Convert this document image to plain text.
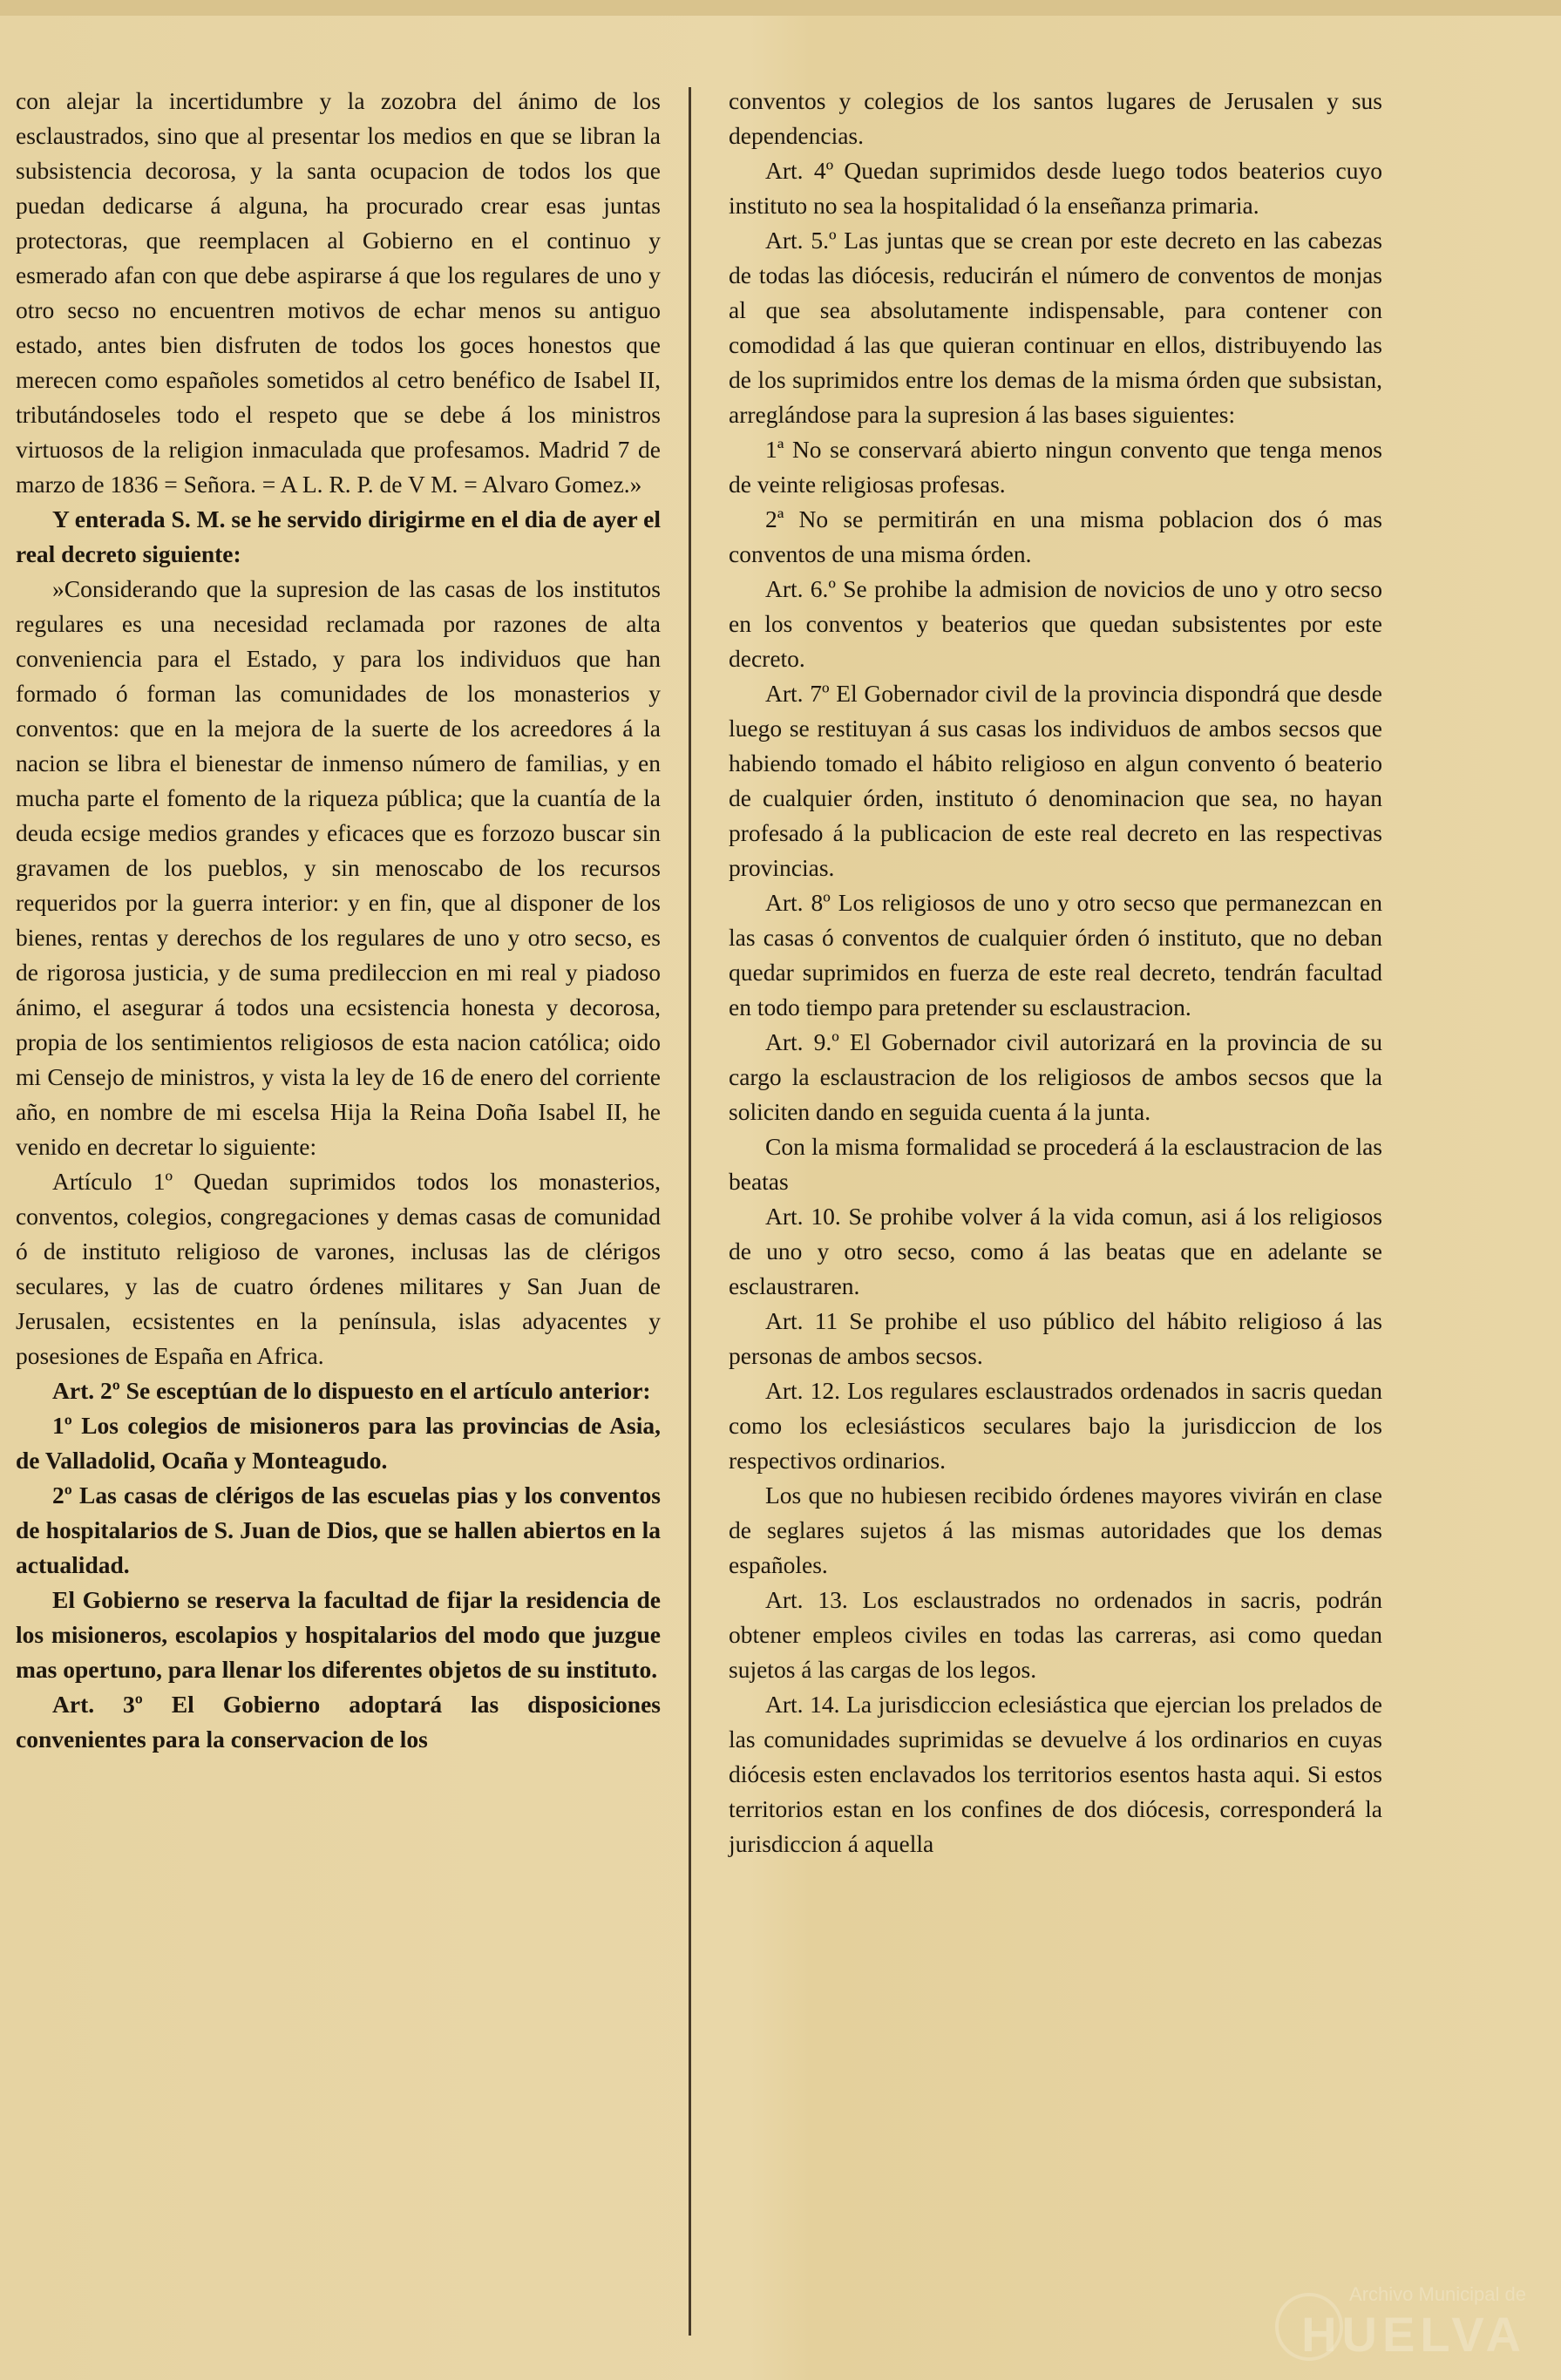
con alejar la incertidumbre y la zozobra del ánimo de los esclaustrados, sino que al presentar los medios en que se libran la subsistencia decorosa, y la santa ocupacion de todos los que puedan dedicarse á alguna, ha procurado crear esas juntas protectoras, que reemplacen al Gobierno en el continuo y esmerado afan con que debe aspirarse á que los regulares de uno y otro secso no encuentren motivos de echar menos su antiguo estado, antes bien disfruten de todos los goces honestos que merecen como españoles sometidos al cetro benéfico de Isabel II, tributándoseles todo el respeto que se debe á los ministros virtuosos de la religion inmaculada que profesamos. Madrid 7 de marzo de 1836 = Señora. = A L. R. P. de V M. = Alvaro Gomez.»

Y enterada S. M. se he servido dirigirme en el dia de ayer el real decreto siguiente:

»Considerando que la supresion de las casas de los institutos regulares es una necesidad reclamada por razones de alta conveniencia para el Estado, y para los individuos que han formado ó forman las comunidades de los monasterios y conventos: que en la mejora de la suerte de los acreedores á la nacion se libra el bienestar de inmenso número de familias, y en mucha parte el fomento de la riqueza pública; que la cuantía de la deuda ecsige medios grandes y eficaces que es forzozo buscar sin gravamen de los pueblos, y sin menoscabo de los recursos requeridos por la guerra interior: y en fin, que al disponer de los bienes, rentas y derechos de los regulares de uno y otro secso, es de rigorosa justicia, y de suma predileccion en mi real y piadoso ánimo, el asegurar á todos una ecsistencia honesta y decorosa, propia de los sentimientos religiosos de esta nacion católica; oido mi Censejo de ministros, y vista la ley de 16 de enero del corriente año, en nombre de mi escelsa Hija la Reina Doña Isabel II, he venido en decretar lo siguiente:

Artículo 1º Quedan suprimidos todos los monasterios, conventos, colegios, congregaciones y demas casas de comunidad ó de instituto religioso de varones, inclusas las de clérigos seculares, y las de cuatro órdenes militares y San Juan de Jerusalen, ecsistentes en la península, islas adyacentes y posesiones de España en Africa.

Art. 2º Se esceptúan de lo dispuesto en el artículo anterior:

1º Los colegios de misioneros para las provincias de Asia, de Valladolid, Ocaña y Monteagudo.

2º Las casas de clérigos de las escuelas pias y los conventos de hospitalarios de S. Juan de Dios, que se hallen abiertos en la actualidad.

El Gobierno se reserva la facultad de fijar la residencia de los misioneros, escolapios y hospitalarios del modo que juzgue mas opertuno, para llenar los diferentes objetos de su instituto.

Art. 3º El Gobierno adoptará las disposiciones convenientes para la conservacion de los

conventos y colegios de los santos lugares de Jerusalen y sus dependencias.

Art. 4º Quedan suprimidos desde luego todos beaterios cuyo instituto no sea la hospitalidad ó la enseñanza primaria.

Art. 5.º Las juntas que se crean por este decreto en las cabezas de todas las diócesis, reducirán el número de conventos de monjas al que sea absolutamente indispensable, para contener con comodidad á las que quieran continuar en ellos, distribuyendo las de los suprimidos entre los demas de la misma órden que subsistan, arreglándose para la supresion á las bases siguientes:

1ª No se conservará abierto ningun convento que tenga menos de veinte religiosas profesas.

2ª No se permitirán en una misma poblacion dos ó mas conventos de una misma órden.

Art. 6.º Se prohibe la admision de novicios de uno y otro secso en los conventos y beaterios que quedan subsistentes por este decreto.

Art. 7º El Gobernador civil de la provincia dispondrá que desde luego se restituyan á sus casas los individuos de ambos secsos que habiendo tomado el hábito religioso en algun convento ó beaterio de cualquier órden, instituto ó denominacion que sea, no hayan profesado á la publicacion de este real decreto en las respectivas provincias.

Art. 8º Los religiosos de uno y otro secso que permanezcan en las casas ó conventos de cualquier órden ó instituto, que no deban quedar suprimidos en fuerza de este real decreto, tendrán facultad en todo tiempo para pretender su esclaustracion.

Art. 9.º El Gobernador civil autorizará en la provincia de su cargo la esclaustracion de los religiosos de ambos secsos que la soliciten dando en seguida cuenta á la junta.

Con la misma formalidad se procederá á la esclaustracion de las beatas

Art. 10. Se prohibe volver á la vida comun, asi á los religiosos de uno y otro secso, como á las beatas que en adelante se esclaustraren.

Art. 11 Se prohibe el uso público del hábito religioso á las personas de ambos secsos.

Art. 12. Los regulares esclaustrados ordenados in sacris quedan como los eclesiásticos seculares bajo la jurisdiccion de los respectivos ordinarios.

Los que no hubiesen recibido órdenes mayores vivirán en clase de seglares sujetos á las mismas autoridades que los demas españoles.

Art. 13. Los esclaustrados no ordenados in sacris, podrán obtener empleos civiles en todas las carreras, asi como quedan sujetos á las cargas de los legos.

Art. 14. La jurisdiccion eclesiástica que ejercian los prelados de las comunidades suprimidas se devuelve á los ordinarios en cuyas diócesis esten enclavados los territorios esentos hasta aqui. Si estos territorios estan en los confines de dos diócesis, corresponderá la jurisdiccion á aquella

Archivo Municipal de
HUELVA
